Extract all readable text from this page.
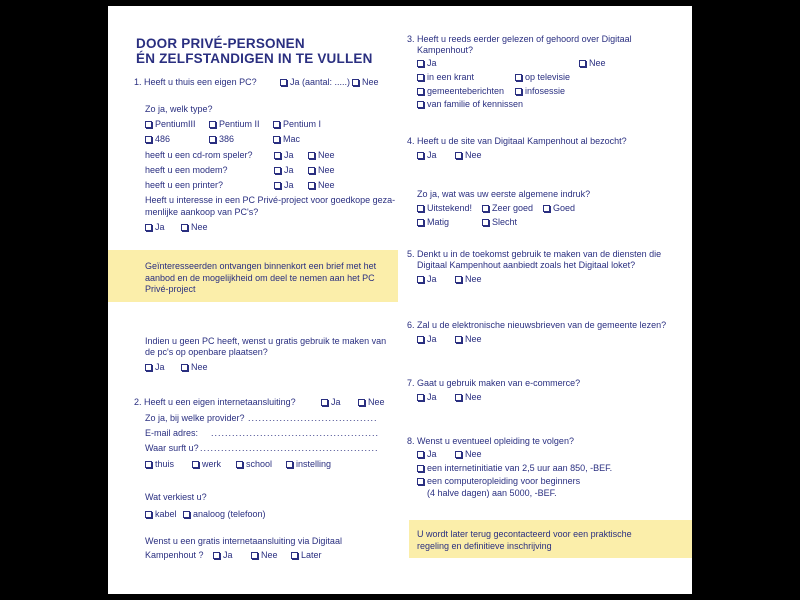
DOOR PRIVÉ-PERSONEN
ÉN ZELFSTANDIGEN IN TE VULLEN
1. Heeft u thuis een eigen PC?	Ja (aantal: .....)	Nee
Zo ja, welk type?
PentiumIII	Pentium II	Pentium I
486	386	Mac
heeft u een cd-rom speler?	Ja	Nee
heeft u een modem?	Ja	Nee
heeft u een printer?	Ja	Nee
Heeft u interesse in een PC Privé-project voor goedkope geza-
menlijke aankoop van PC's?
Ja	Nee
Geïnteresseerden ontvangen binnenkort een brief met het aanbod en de mogelijkheid om deel te nemen aan het PC Privé-project
Indien u geen PC heeft, wenst u gratis gebruik te maken van
de pc's op openbare plaatsen?
Ja	Nee
2. Heeft u een eigen internetaansluiting?	Ja	Nee
Zo ja, bij welke provider? .....................................
E-mail adres: ................................................
Waar surft u? ...................................................
thuis	werk	school	instelling
Wat verkiest u?
kabel	analoog (telefoon)
Wenst u een gratis internetaansluiting via Digitaal
Kampenhout ?	Ja	Nee	Later
3. Heeft u reeds eerder gelezen of gehoord over Digitaal
Kampenhout?
Ja	Nee
in een krant	op televisie
gemeenteberichten	infosessie
van familie of kennissen
4. Heeft u de site van Digitaal Kampenhout al bezocht?
Ja	Nee
Zo ja, wat was uw eerste algemene indruk?
Uitstekend!	Zeer goed	Goed
Matig	Slecht
5. Denkt u in de toekomst gebruik te maken van de diensten die
Digitaal Kampenhout aanbiedt zoals het Digitaal loket?
Ja	Nee
6. Zal u de elektronische nieuwsbrieven van de gemeente lezen?
Ja	Nee
7. Gaat u gebruik maken van e-commerce?
Ja	Nee
8. Wenst u eventueel opleiding te volgen?
Ja	Nee
een internetinitiatie van 2,5 uur aan 850, -BEF.
een computeropleiding voor beginners
(4 halve dagen) aan 5000, -BEF.
U wordt later terug gecontacteerd voor een praktische regeling en definitieve inschrijving
